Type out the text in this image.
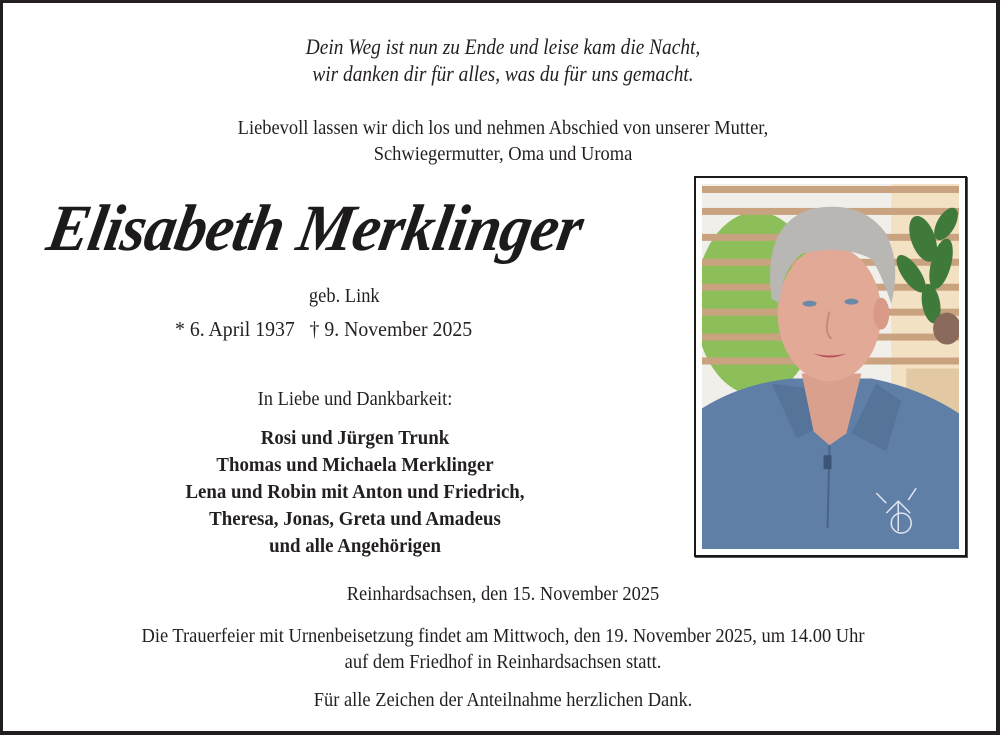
Dein Weg ist nun zu Ende und leise kam die Nacht,
wir danken dir für alles, was du für uns gemacht.
Liebevoll lassen wir dich los und nehmen Abschied von unserer Mutter,
Schwiegermutter, Oma und Uroma
Elisabeth Merklinger
geb. Link
* 6. April 1937 † 9. November 2025
In Liebe und Dankbarkeit:
Rosi und Jürgen Trunk
Thomas und Michaela Merklinger
Lena und Robin mit Anton und Friedrich,
Theresa, Jonas, Greta und Amadeus
und alle Angehörigen
Reinhardsachsen, den 15. November 2025
Die Trauerfeier mit Urnenbeisetzung findet am Mittwoch, den 19. November 2025, um 14.00 Uhr
auf dem Friedhof in Reinhardsachsen statt.
Für alle Zeichen der Anteilnahme herzlichen Dank.
